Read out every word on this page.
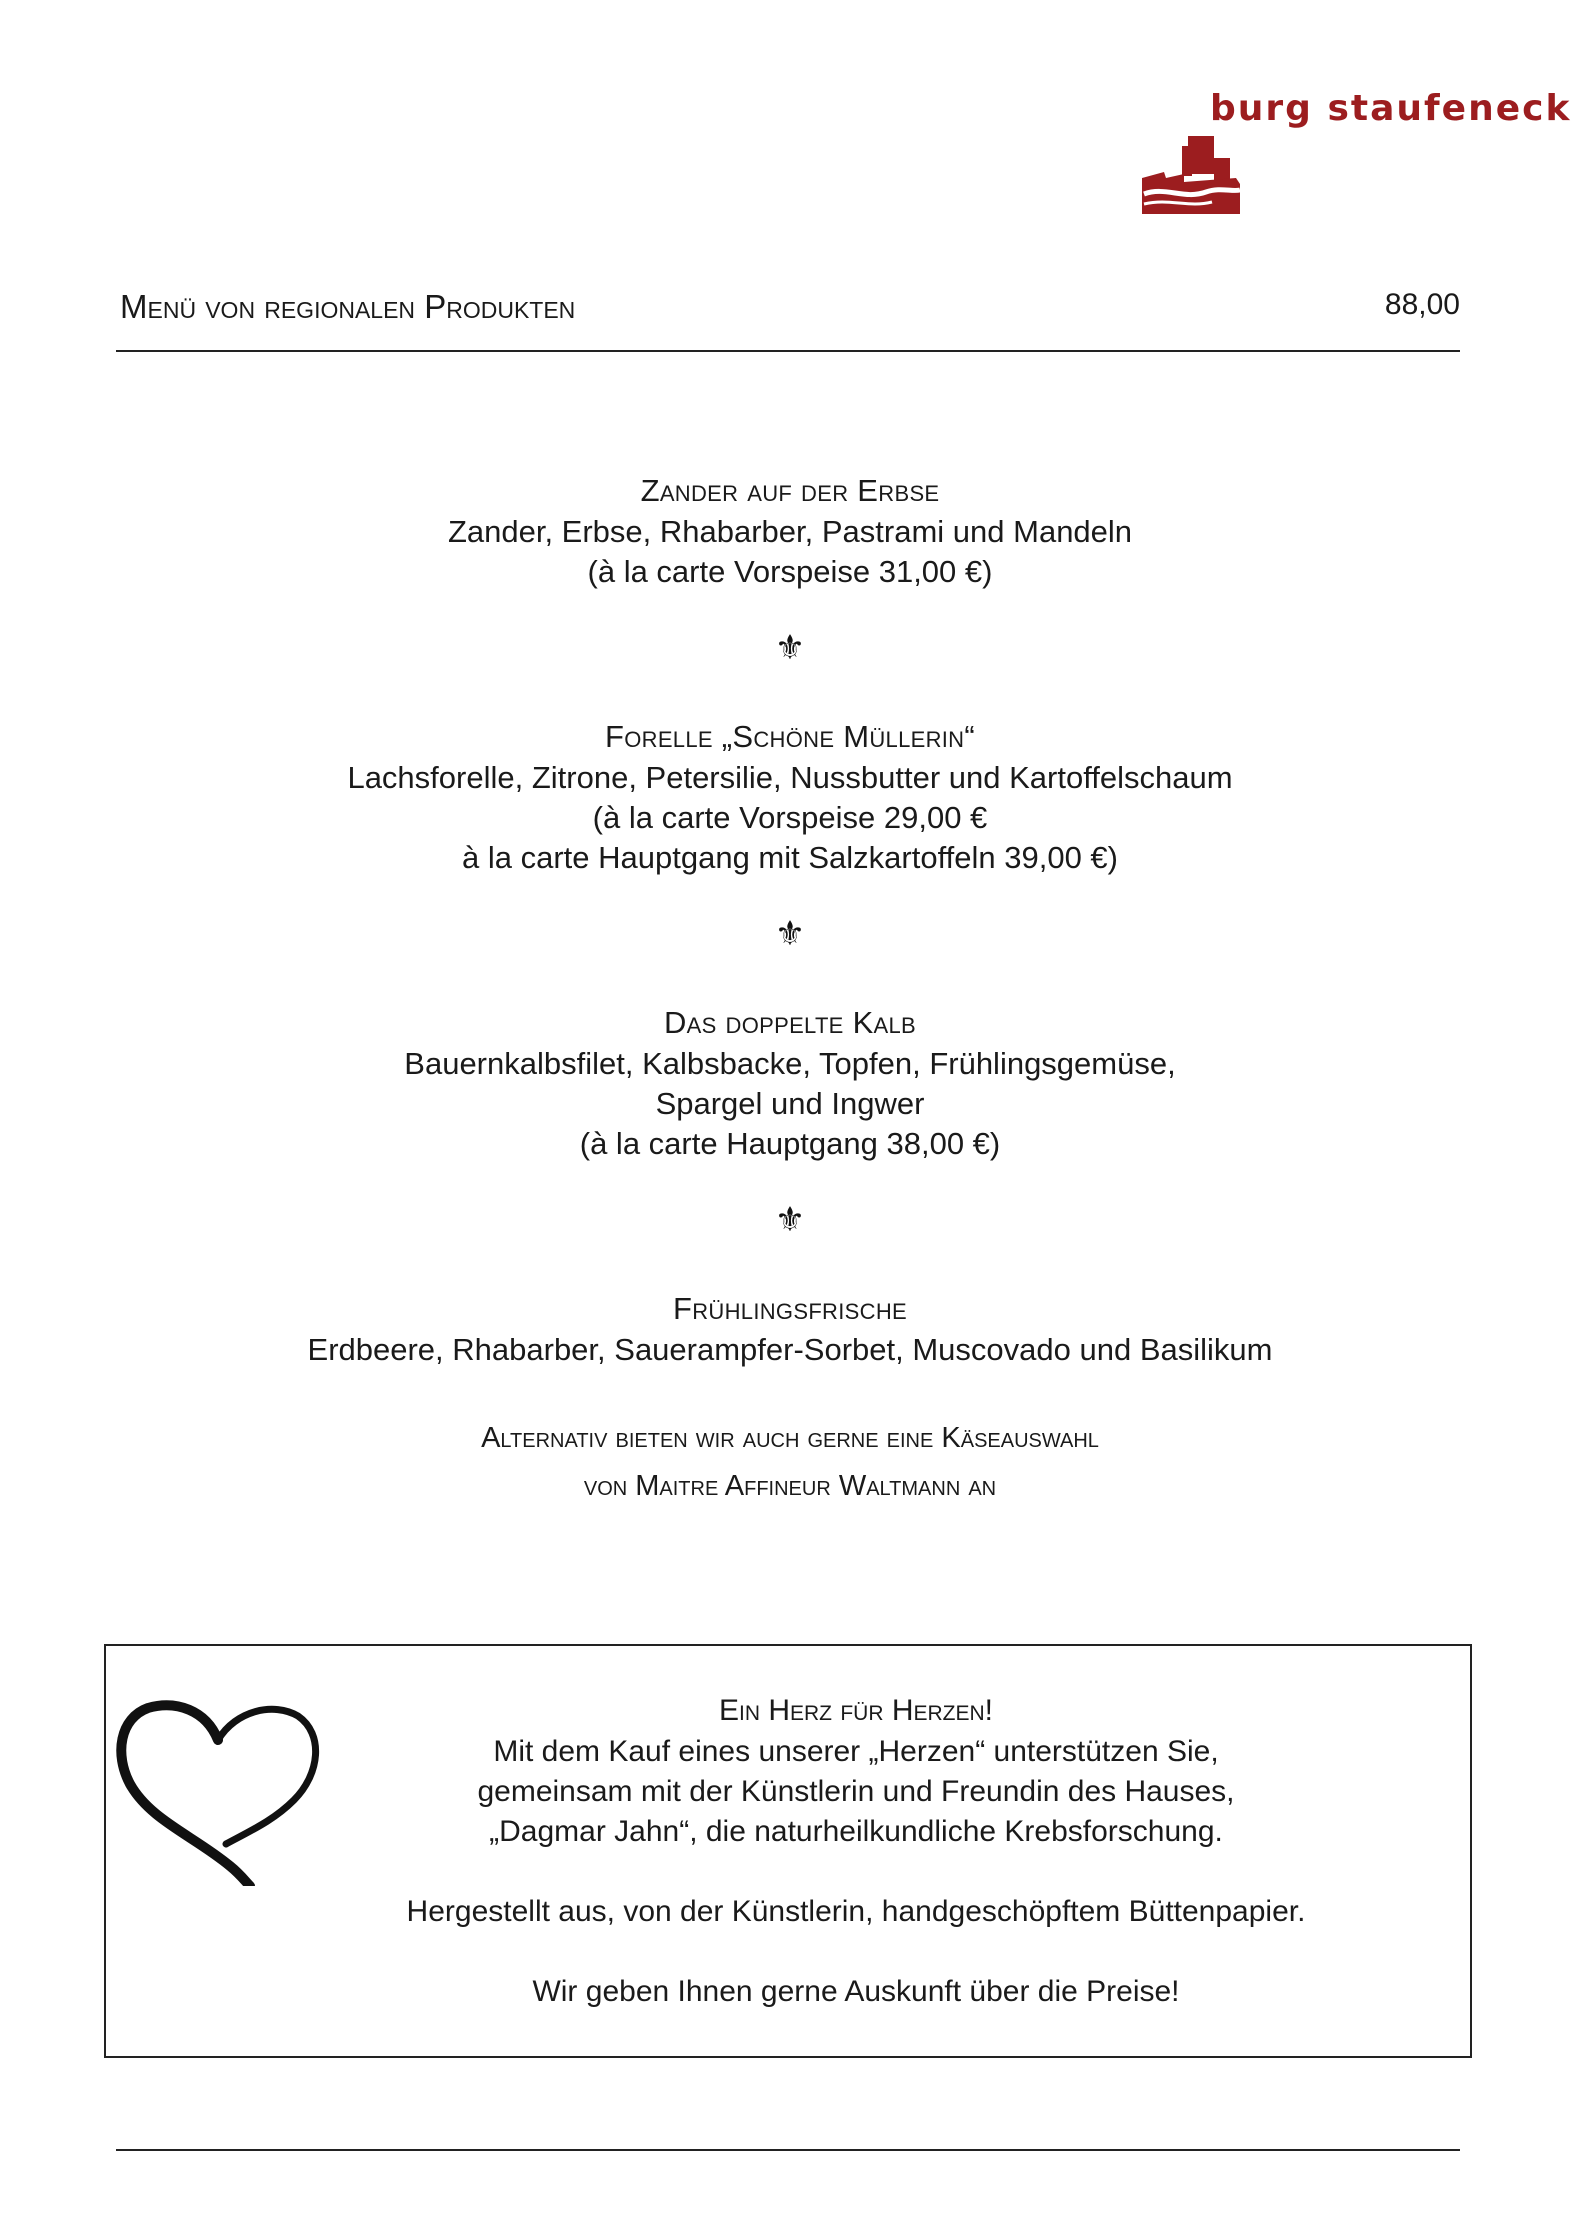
burg staufeneck
Menü von regionalen Produkten	88,00
Zander auf der Erbse
Zander, Erbse, Rhabarber, Pastrami und Mandeln
(à la carte Vorspeise 31,00 €)
⚜
Forelle „Schöne Müllerin“
Lachsforelle, Zitrone, Petersilie, Nussbutter und Kartoffelschaum
(à la carte Vorspeise 29,00 €
à la carte Hauptgang mit Salzkartoffeln 39,00 €)
⚜
Das doppelte Kalb
Bauernkalbsfilet, Kalbsbacke, Topfen, Frühlingsgemüse,
Spargel und Ingwer
(à la carte Hauptgang 38,00 €)
⚜
Frühlingsfrische
Erdbeere, Rhabarber, Sauerampfer-Sorbet, Muscovado und Basilikum
Alternativ bieten wir auch gerne eine Käseauswahl
von Maitre Affineur Waltmann an
Ein Herz für Herzen!
Mit dem Kauf eines unserer „Herzen“ unterstützen Sie,
gemeinsam mit der Künstlerin und Freundin des Hauses,
„Dagmar Jahn“, die naturheilkundliche Krebsforschung.
Hergestellt aus, von der Künstlerin, handgeschöpftem Büttenpapier.
Wir geben Ihnen gerne Auskunft über die Preise!
